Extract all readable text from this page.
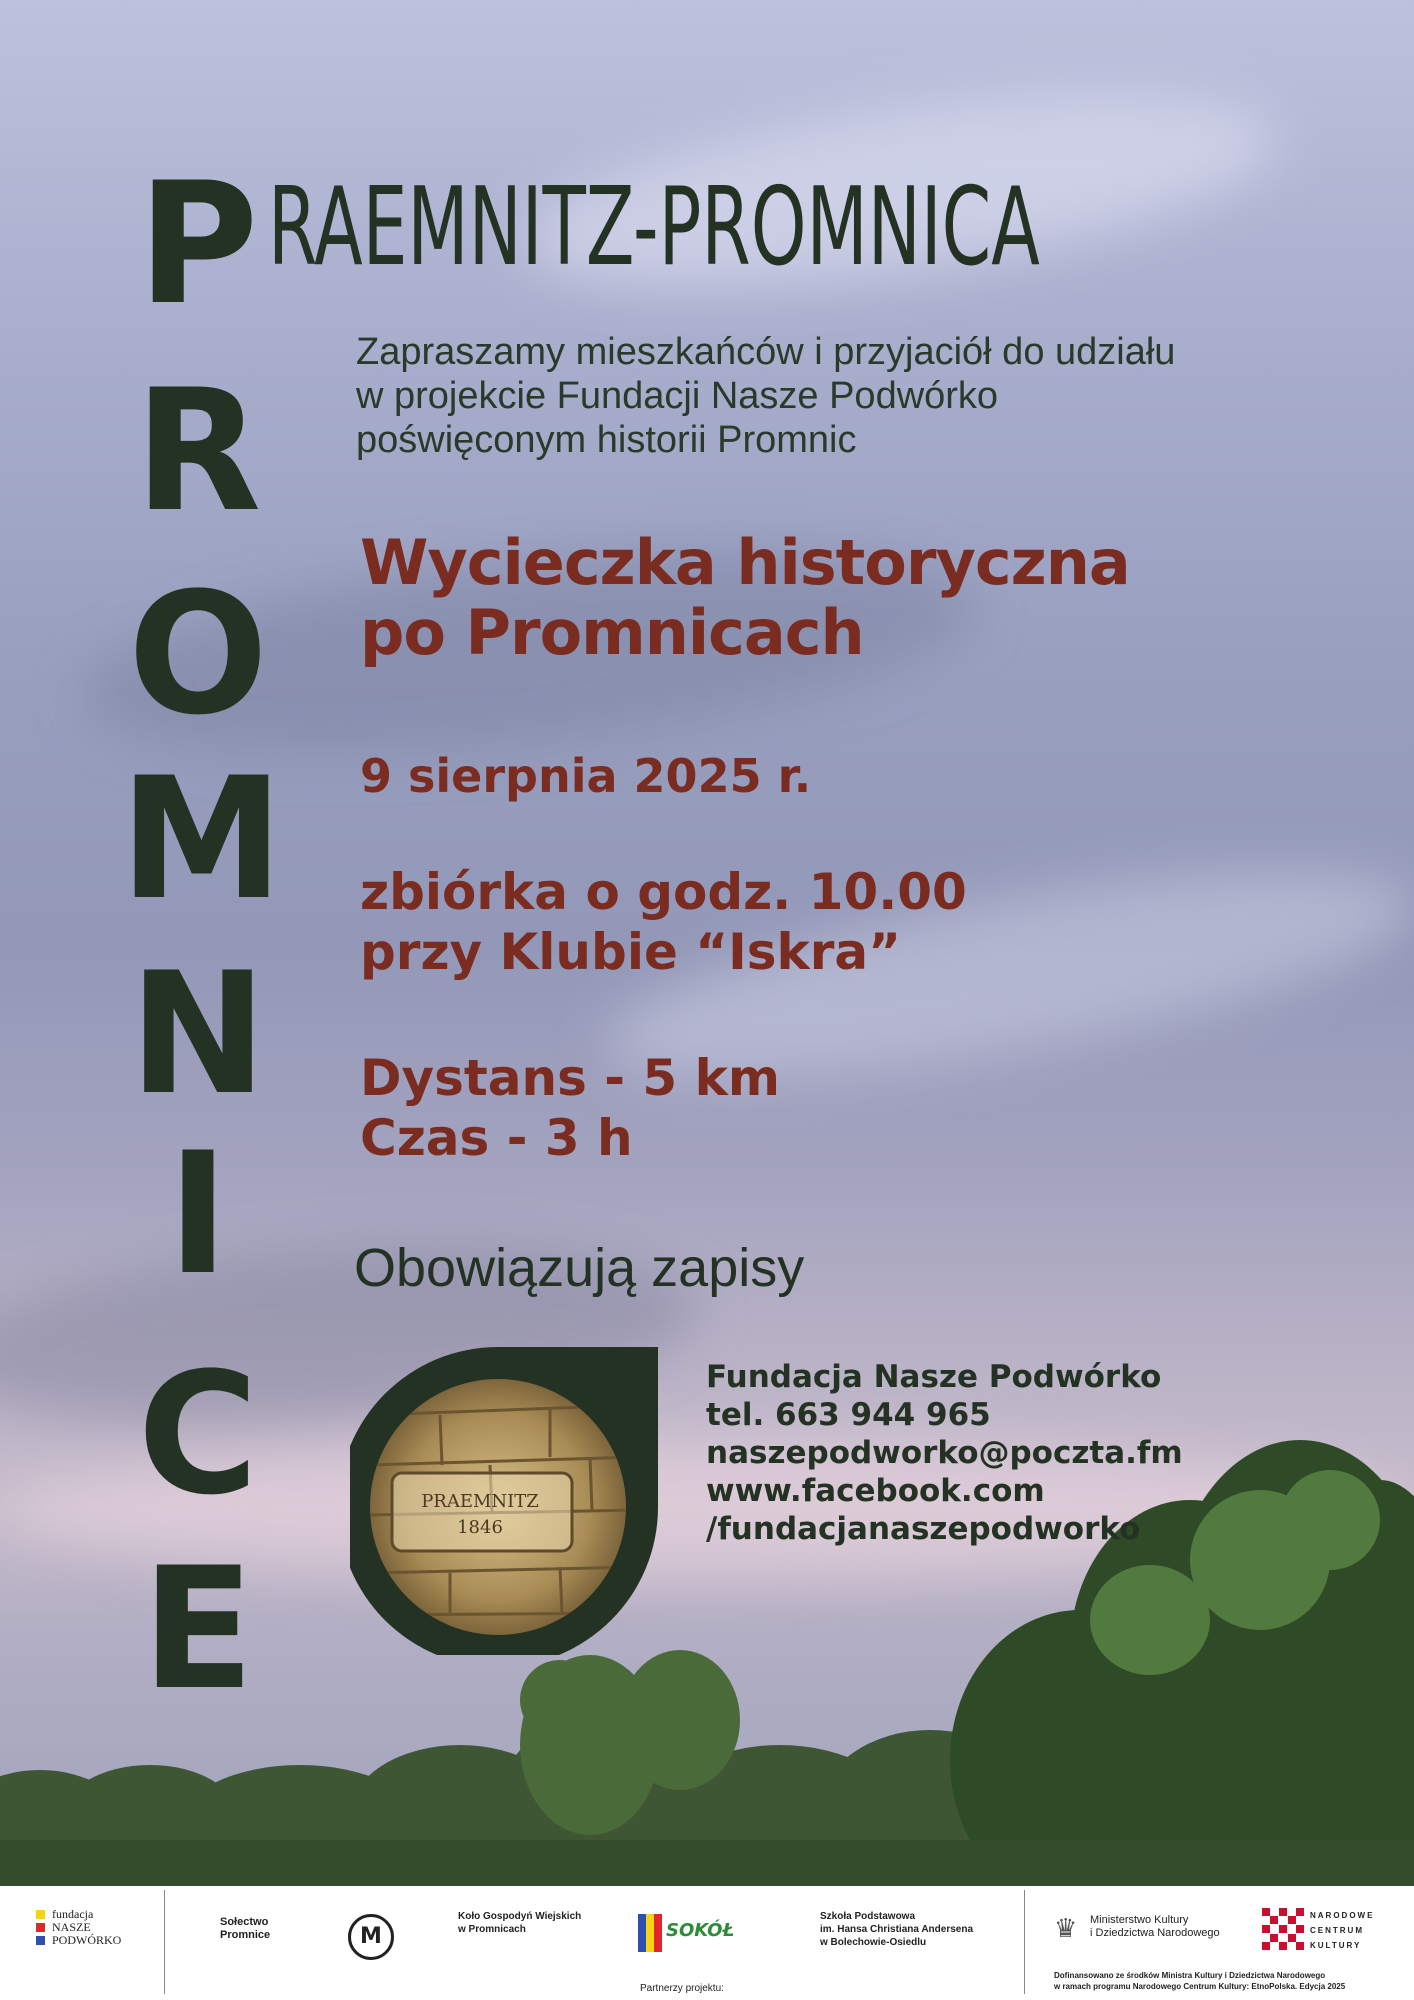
P
R
O
M
N
I
C
E
RAEMNITZ-PROMNICA
Zapraszamy mieszkańców i przyjaciół do udziału
w projekcie Fundacji Nasze Podwórko
poświęconym historii Promnic
Wycieczka historyczna
po Promnicach
9 sierpnia 2025 r.
zbiórka o godz. 10.00
przy Klubie “Iskra”
Dystans - 5 km
Czas - 3 h
Obowiązują zapisy
PRAEMNITZ
1846
Fundacja Nasze Podwórko
tel. 663 944 965
naszepodworko@poczta.fm
www.facebook.com
/fundacjanaszepodworko
fundacja
NASZE
PODWÓRKO
Sołectwo
Promnice	M
Koło Gospodyń Wiejskich
w Promnicach	SOKÓŁ
Partnerzy projektu:
Szkoła Podstawowa
im. Hansa Christiana Andersena
w Bolechowie-Osiedlu	♛ Ministerstwo Kultury
i Dziedzictwa Narodowego
NARODOWE
CENTRUM
KULTURY
Dofinansowano ze środków Ministra Kultury i Dziedzictwa Narodowego
w ramach programu Narodowego Centrum Kultury: EtnoPolska. Edycja 2025
